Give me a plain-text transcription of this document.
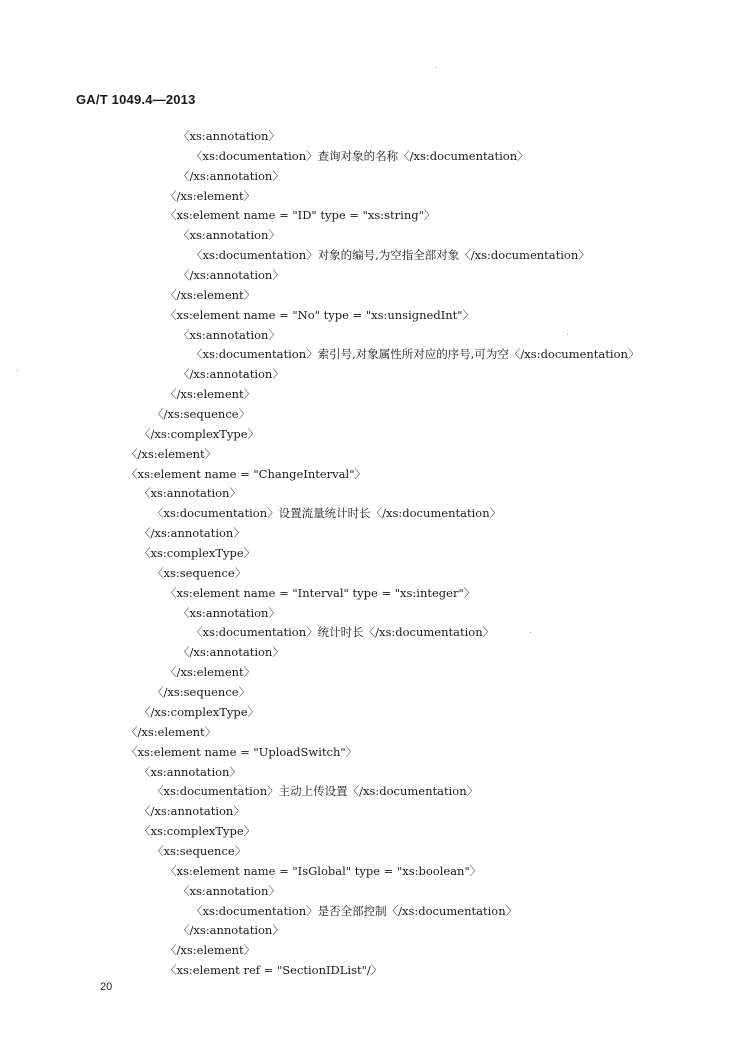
GA/T 1049.4—2013
〈xs:annotation〉
〈xs:documentation〉查询对象的名称〈/xs:documentation〉
〈/xs:annotation〉
〈/xs:element〉
〈xs:element name = "ID" type = "xs:string"〉
〈xs:annotation〉
〈xs:documentation〉对象的编号,为空指全部对象〈/xs:documentation〉
〈/xs:annotation〉
〈/xs:element〉
〈xs:element name = "No" type = "xs:unsignedInt"〉
〈xs:annotation〉
〈xs:documentation〉索引号,对象属性所对应的序号,可为空〈/xs:documentation〉
〈/xs:annotation〉
〈/xs:element〉
〈/xs:sequence〉
〈/xs:complexType〉
〈/xs:element〉
〈xs:element name = "ChangeInterval"〉
〈xs:annotation〉
〈xs:documentation〉设置流量统计时长〈/xs:documentation〉
〈/xs:annotation〉
〈xs:complexType〉
〈xs:sequence〉
〈xs:element name = "Interval" type = "xs:integer"〉
〈xs:annotation〉
〈xs:documentation〉统计时长〈/xs:documentation〉
〈/xs:annotation〉
〈/xs:element〉
〈/xs:sequence〉
〈/xs:complexType〉
〈/xs:element〉
〈xs:element name = "UploadSwitch"〉
〈xs:annotation〉
〈xs:documentation〉主动上传设置〈/xs:documentation〉
〈/xs:annotation〉
〈xs:complexType〉
〈xs:sequence〉
〈xs:element name = "IsGlobal" type = "xs:boolean"〉
〈xs:annotation〉
〈xs:documentation〉是否全部控制〈/xs:documentation〉
〈/xs:annotation〉
〈/xs:element〉
〈xs:element ref = "SectionIDList"/〉
20
